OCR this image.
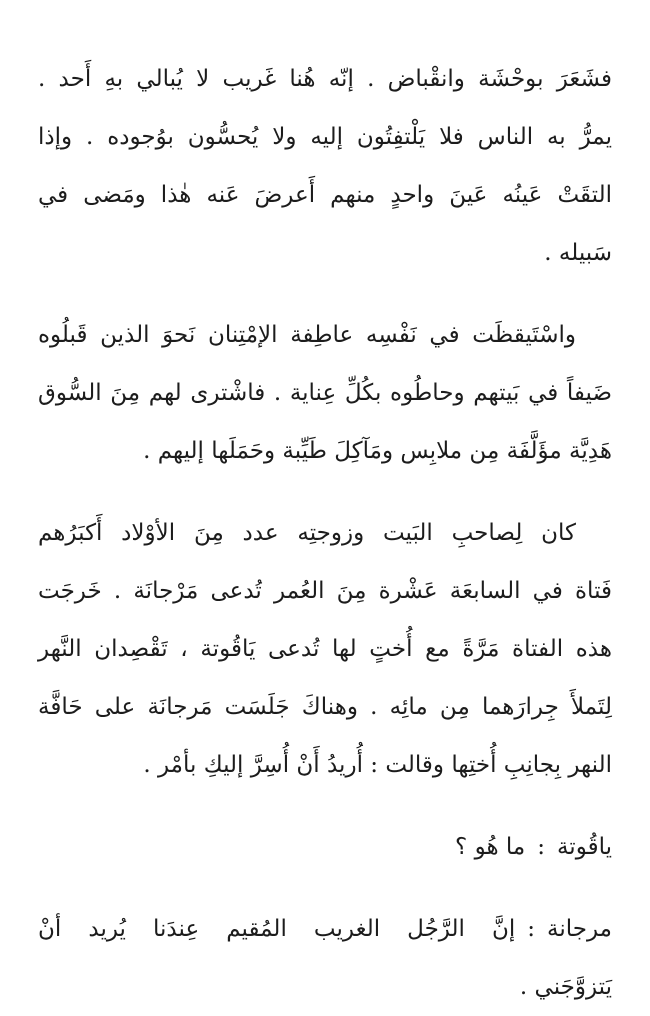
فشَعَرَ بوحْشَة وانقْباض . إنّه هُنا غَريب لا يُبالي بهِ أَحد .
يمرُّ به الناس فلا يَلْتفِتُون إليه ولا يُحسُّون بوُجوده . وإذا
التقَتْ عَينُه عَينَ واحدٍ منهم أَعرضَ عَنه هٰذا ومَضى في
سَبيله .

واسْتَيقظَت في نَفْسِه عاطِفة الإمْتِنان نَحوَ الذين قَبلُوه
ضَيفاً في بَيتهم وحاطُوه بكُلِّ عِناية . فاشْترى لهم مِنَ السُّوق
هَدِيَّة مؤَلَّفَة مِن ملابِس ومَآكِلَ طَيِّبة وحَمَلَها إليهم .

كان لِصاحبِ البَيت وزوجتِه عدد مِنَ الأوْلاد أَكبَرُهم
فَتاة في السابعَة عَشْرة مِنَ العُمر تُدعى مَرْجانَة . خَرجَت
هذه الفتاة مَرَّةً مع أُختٍ لها تُدعى يَاقُوتة ، تَقْصِدان النَّهر
لِتَملأَ جِرارَهما مِن مائِه . وهناكَ جَلَسَت مَرجانَة على حَافَّة
النهر بِجانِبِ أُختِها وقالت : أُريدُ أَنْ أُسِرَّ إليكِ بأمْر .

ياقُوتة:ما هُو ؟

مرجانة:إنَّ الرَّجُل الغريب المُقيم عِندَنا يُريد أنْ
يَتزوَّجَني .
